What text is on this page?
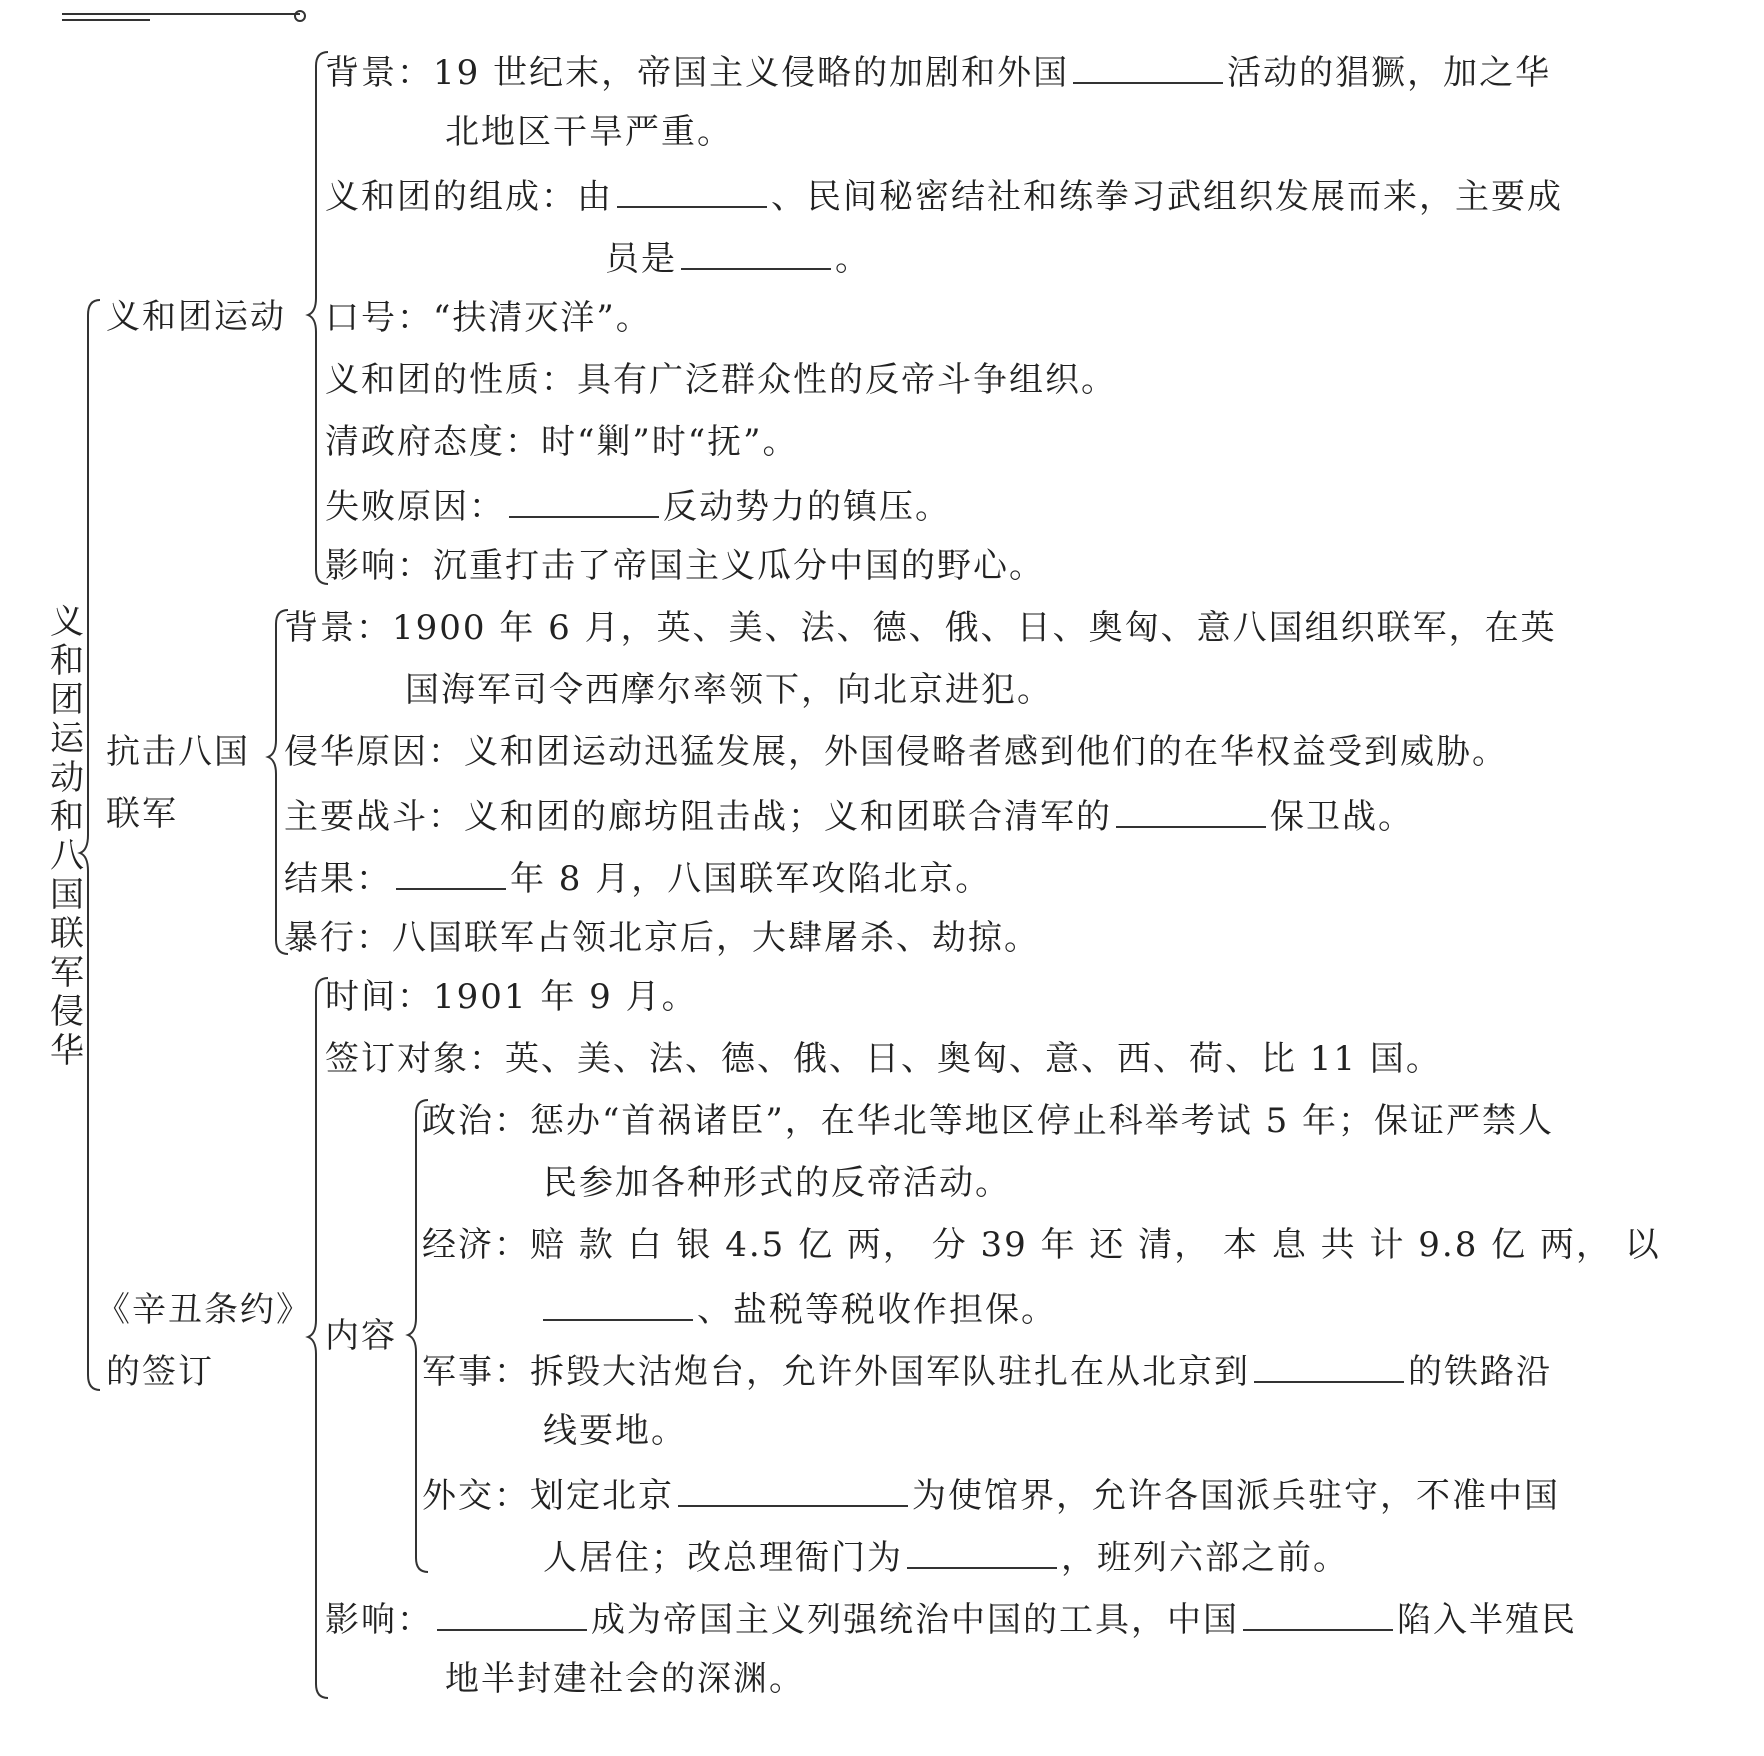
义和团运动和八国联军侵华
义和团运动
背景：19 世纪末，帝国主义侵略的加剧和外国	活动的猖獗，加之华
北地区干旱严重。
义和团的组成：由	、民间秘密结社和练拳习武组织发展而来，主要成
员是	。
口号：“扶清灭洋”。
义和团的性质：具有广泛群众性的反帝斗争组织。
清政府态度：时“剿”时“抚”。
失败原因：	反动势力的镇压。
影响：沉重打击了帝国主义瓜分中国的野心。
抗击八国
联军
背景：1900 年 6 月，英、美、法、德、俄、日、奥匈、意八国组织联军，在英
国海军司令西摩尔率领下，向北京进犯。
侵华原因：义和团运动迅猛发展，外国侵略者感到他们的在华权益受到威胁。
主要战斗：义和团的廊坊阻击战；义和团联合清军的	保卫战。
结果：	年 8 月，八国联军攻陷北京。
暴行：八国联军占领北京后，大肆屠杀、劫掠。
《辛丑条约》
的签订
时间：1901 年 9 月。
签订对象：英、美、法、德、俄、日、奥匈、意、西、荷、比 11 国。
内容
政治：惩办“首祸诸臣”，在华北等地区停止科举考试 5 年；保证严禁人
民参加各种形式的反帝活动。
经济：赔 款 白 银 4.5 亿 两， 分 39 年 还 清， 本 息 共 计 9.8 亿 两， 以
、盐税等税收作担保。
军事：拆毁大沽炮台，允许外国军队驻扎在从北京到	的铁路沿
线要地。
外交：划定北京	为使馆界，允许各国派兵驻守，不准中国
人居住；改总理衙门为	，班列六部之前。
影响：	成为帝国主义列强统治中国的工具，中国	陷入半殖民
地半封建社会的深渊。
